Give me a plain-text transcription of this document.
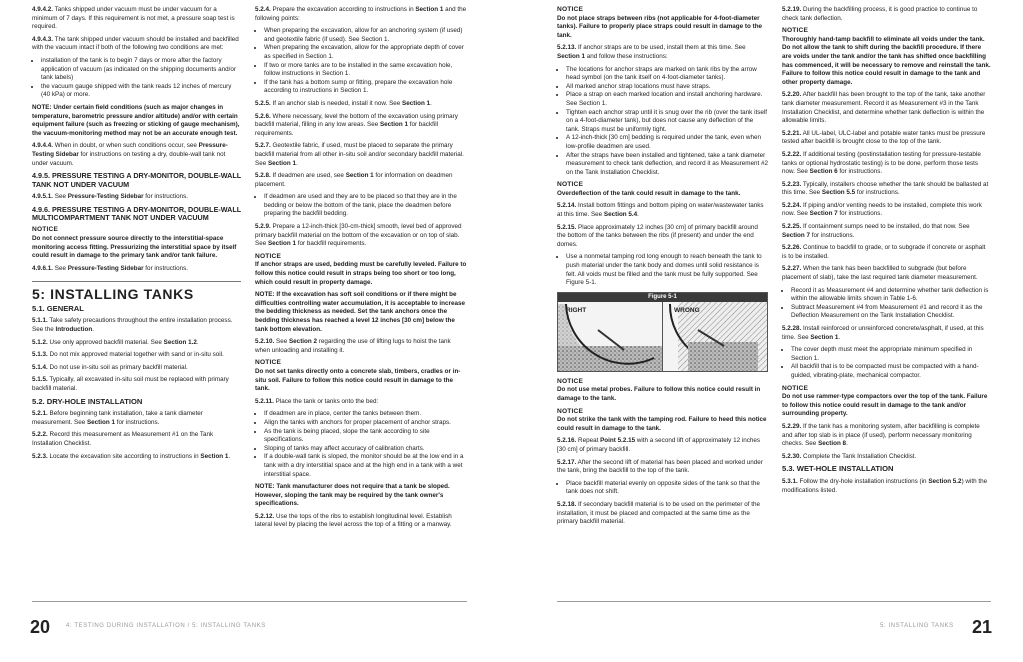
4.9.4.2. Tanks shipped under vacuum must be under vacuum for a minimum of 7 days. If this requirement is not met, a pressure soap test is required.

4.9.4.3. The tank shipped under vacuum should be installed and backfilled with the vacuum intact if both of the following two conditions are met:

• installation of the tank is to begin 7 days or more after the factory application of vacuum (as indicated on the shipping documents and/or tank labels)
• the vacuum gauge shipped with the tank reads 12 inches of mercury (40 kPa) or more.

NOTE: Under certain field conditions (such as major changes in temperature, barometric pressure and/or altitude) and/or with certain equipment failure (such as freezing or sticking of gauge mechanism), the vacuum-monitoring method may not be an accurate enough test.

4.9.4.4. When in doubt, or when such conditions occur, see Pressure-Testing Sidebar for instructions on testing a dry, double-wall tank not under vacuum.

4.9.5. PRESSURE TESTING A DRY-MONITOR, DOUBLE-WALL TANK NOT UNDER VACUUM

4.9.5.1. See Pressure-Testing Sidebar for instructions.

4.9.6. PRESSURE TESTING A DRY-MONITOR, DOUBLE-WALL MULTICOMPARTMENT TANK NOT UNDER VACUUM

NOTICE

Do not connect pressure source directly to the interstitial-space monitoring access fitting. Pressurizing the interstitial space by itself could result in damage to the primary tank and/or tank failure.

4.9.6.1. See Pressure-Testing Sidebar for instructions.

5: INSTALLING TANKS
5.1. GENERAL

5.1.1. Take safety precautions throughout the entire installation process. See the Introduction.

5.1.2. Use only approved backfill material. See Section 1.2.

5.1.3. Do not mix approved material together with sand or in-situ soil.

5.1.4. Do not use in-situ soil as primary backfill material.

5.1.5. Typically, all excavated in-situ soil must be replaced with primary backfill material.

5.2. DRY-HOLE INSTALLATION

5.2.1. Before beginning tank installation, take a tank diameter measurement. See Section 1 for instructions.

5.2.2. Record this measurement as Measurement #1 on the Tank Installation Checklist.

5.2.3. Locate the excavation site according to instructions in Section 1.

5.2.4. Prepare the excavation according to instructions in Section 1 and the following points:

• When preparing the excavation, allow for an anchoring system (if used) and geotextile fabric (if used). See Section 1.
• When preparing the excavation, allow for the appropriate depth of cover as specified in Section 1.
• If two or more tanks are to be installed in the same excavation hole, follow instructions in Section 1.
• If the tank has a bottom sump or fitting, prepare the excavation hole according to instructions in Section 1.

5.2.5. If an anchor slab is needed, install it now. See Section 1.

5.2.6. Where necessary, level the bottom of the excavation using primary backfill material, filling in any low areas. See Section 1 for backfill requirements.

5.2.7. Geotextile fabric, if used, must be placed to separate the primary backfill material from all other in-situ soil and/or secondary backfill material. See Section 1.

5.2.8. If deadmen are used, see Section 1 for information on deadmen placement.

• If deadmen are used and they are to be placed so that they are in the bedding or below the bottom of the tank, place the deadmen before preparing the backfill bedding.

5.2.9. Prepare a 12-inch-thick [30-cm-thick] smooth, level bed of approved primary backfill material on the bottom of the excavation or on top of slab. See Section 1 for backfill requirements.

NOTICE

If anchor straps are used, bedding must be carefully leveled. Failure to follow this notice could result in straps being too short or too long, which could result in property damage.

NOTE: If the excavation has soft soil conditions or if there might be difficulties controlling water accumulation, it is acceptable to increase the bedding thickness as needed. Set the tank anchors once the bedding thickness has reached a level 12 inches [30 cm] below the tank bottom elevation.

5.2.10. See Section 2 regarding the use of lifting lugs to hoist the tank when unloading and installing it.

NOTICE

Do not set tanks directly onto a concrete slab, timbers, cradles or in-situ soil. Failure to follow this notice could result in damage to the tank.

5.2.11. Place the tank or tanks onto the bed:

• If deadmen are in place, center the tanks between them.
• Align the tanks with anchors for proper placement of anchor straps.
• As the tank is being placed, slope the tank according to site specifications.
• Sloping of tanks may affect accuracy of calibration charts.
• If a double-wall tank is sloped, the monitor should be at the low end in a tank with a dry interstitial space and at the high end in a tank with a wet interstitial space.

NOTE: Tank manufacturer does not require that a tank be sloped. However, sloping the tank may be required by the tank owner's specifications.

5.2.12. Use the tops of the ribs to establish longitudinal level. Establish lateral level by placing the level across the top of a fitting or a manway.

NOTICE

Do not place straps between ribs (not applicable for 4-foot-diameter tanks). Failure to properly place straps could result in damage to the tank.

5.2.13. If anchor straps are to be used, install them at this time. See Section 1 and follow these instructions:

• The locations for anchor straps are marked on tank ribs by the arrow head symbol (on the tank itself on 4-foot-diameter tanks).
• All marked anchor strap locations must have straps.
• Place a strap on each marked location and install anchoring hardware. See Section 1.
• Tighten each anchor strap until it is snug over the rib (over the tank itself on a 4-foot-diameter tank), but does not cause any deflection of the tank. Straps must be uniformly tight.
• A 12-inch-thick [30 cm] bedding is required under the tank, even when low-profile deadmen are used.
• After the straps have been installed and tightened, take a tank diameter measurement to check tank deflection, and record it as Measurement #2 on the Tank Installation Checklist.

NOTICE

Overdeflection of the tank could result in damage to the tank.

5.2.14. Install bottom fittings and bottom piping on water/wastewater tanks at this time. See Section 5.4.

5.2.15. Place approximately 12 inches [30 cm] of primary backfill around the bottom of the tanks between the ribs (if present) and under the end domes.

• Use a nonmetal tamping rod long enough to reach beneath the tank to push material under the tank body and domes until solid resistance is felt. All voids must be filled and the tank must be fully supported. See Figure 5-1.
Figure 5-1
RIGHT	WRONG

NOTICE

Do not use metal probes. Failure to follow this notice could result in damage to the tank.

NOTICE

Do not strike the tank with the tamping rod. Failure to heed this notice could result in damage to the tank.

5.2.16. Repeat Point 5.2.15 with a second lift of approximately 12 inches [30 cm] of primary backfill.

5.2.17. After the second lift of material has been placed and worked under the tank, bring the backfill to the top of the tank.

• Place backfill material evenly on opposite sides of the tank so that the tank does not shift.

5.2.18. If secondary backfill material is to be used on the perimeter of the installation, it must be placed and compacted at the same time as the primary backfill material.

5.2.19. During the backfilling process, it is good practice to continue to check tank deflection.

NOTICE

Thoroughly hand-tamp backfill to eliminate all voids under the tank. Do not allow the tank to shift during the backfill procedure. If there are voids under the tank and/or the tank has shifted once backfilling has commenced, it will be necessary to remove and reinstall the tank. Failure to follow this notice could result in damage to the tank and other property damage.

5.2.20. After backfill has been brought to the top of the tank, take another tank diameter measurement. Record it as Measurement #3 in the Tank Installation Checklist, and determine whether tank deflection is within the allowable limits.

5.2.21. All UL-label, ULC-label and potable water tanks must be pressure tested after backfill is brought close to the top of the tank.

5.2.22. If additional testing (postinstallation testing for pressure-testable tanks or optional hydrostatic testing) is to be done, perform those tests now. See Section 6 for instructions.

5.2.23. Typically, installers choose whether the tank should be ballasted at this time. See Section 5.5 for instructions.

5.2.24. If piping and/or venting needs to be installed, complete this work now. See Section 7 for instructions.

5.2.25. If containment sumps need to be installed, do that now. See Section 7 for instructions.

5.2.26. Continue to backfill to grade, or to subgrade if concrete or asphalt is to be installed.

5.2.27. When the tank has been backfilled to subgrade (but before placement of slab), take the last required tank diameter measurement.

• Record it as Measurement #4 and determine whether tank deflection is within the allowable limits shown in Table 1-6.
• Subtract Measurement #4 from Measurement #1 and record it as the Deflection Measurement on the Tank Installation Checklist.

5.2.28. Install reinforced or unreinforced concrete/asphalt, if used, at this time. See Section 1.

• The cover depth must meet the appropriate minimum specified in Section 1.
• All backfill that is to be compacted must be compacted with a hand-guided, vibrating-plate, mechanical compactor.

NOTICE

Do not use rammer-type compactors over the top of the tank. Failure to follow this notice could result in damage to the tank and/or surrounding property.

5.2.29. If the tank has a monitoring system, after backfilling is complete and after top slab is in place (if used), perform necessary monitoring checks. See Section 8.

5.2.30. Complete the Tank Installation Checklist.

5.3. WET-HOLE INSTALLATION

5.3.1. Follow the dry-hole installation instructions (in Section 5.2) with the modifications listed.

20	4: TESTING DURING INSTALLATION / 5: INSTALLING TANKS	5: INSTALLING TANKS 21
